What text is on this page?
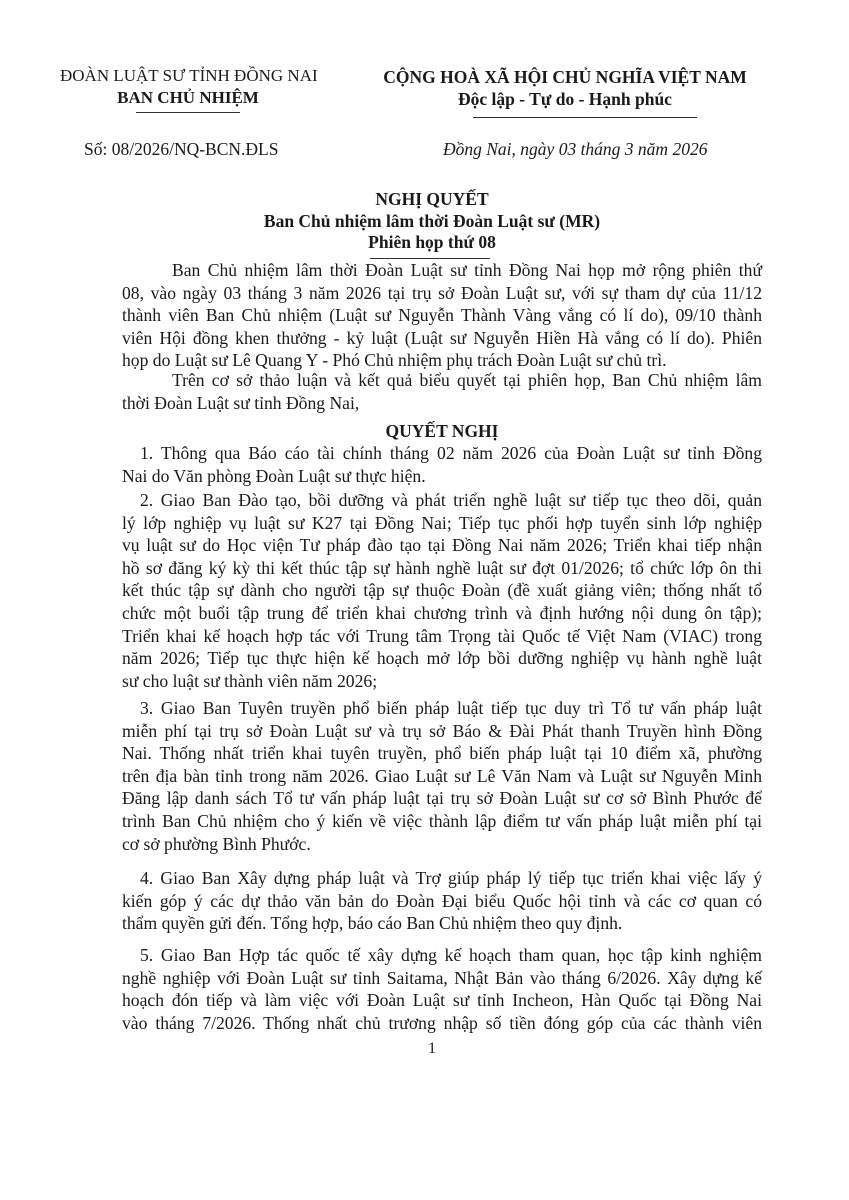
ĐOÀN LUẬT SƯ TỈNH ĐỒNG NAI
BAN CHỦ NHIỆM
CỘNG HOÀ XÃ HỘI CHỦ NGHĨA VIỆT NAM
Độc lập - Tự do - Hạnh phúc
Số: 08/2026/NQ-BCN.ĐLS	Đồng Nai, ngày 03 tháng 3 năm 2026
NGHỊ QUYẾT
Ban Chủ nhiệm lâm thời Đoàn Luật sư (MR)
Phiên họp thứ 08
QUYẾT NGHỊ
Ban Chủ nhiệm lâm thời Đoàn Luật sư tỉnh Đồng Nai họp mở rộng phiên thứ
08, vào ngày 03 tháng 3 năm 2026 tại trụ sở Đoàn Luật sư, với sự tham dự của 11/12
thành viên Ban Chủ nhiệm (Luật sư Nguyễn Thành Vàng vắng có lí do), 09/10 thành
viên Hội đồng khen thưởng - kỷ luật (Luật sư Nguyễn Hiền Hà vắng có lí do). Phiên
họp do Luật sư Lê Quang Y - Phó Chủ nhiệm phụ trách Đoàn Luật sư chủ trì.
Trên cơ sở thảo luận và kết quả biểu quyết tại phiên họp, Ban Chủ nhiệm lâm
thời Đoàn Luật sư tỉnh Đồng Nai,
1. Thông qua Báo cáo tài chính tháng 02 năm 2026 của Đoàn Luật sư tỉnh Đồng
Nai do Văn phòng Đoàn Luật sư thực hiện.
2. Giao Ban Đào tạo, bồi dưỡng và phát triển nghề luật sư tiếp tục theo dõi, quản
lý lớp nghiệp vụ luật sư K27 tại Đồng Nai; Tiếp tục phối hợp tuyển sinh lớp nghiệp
vụ luật sư do Học viện Tư pháp đào tạo tại Đồng Nai năm 2026; Triển khai tiếp nhận
hồ sơ đăng ký kỳ thi kết thúc tập sự hành nghề luật sư đợt 01/2026; tổ chức lớp ôn thi
kết thúc tập sự dành cho người tập sự thuộc Đoàn (đề xuất giảng viên; thống nhất tổ
chức một buổi tập trung để triển khai chương trình và định hướng nội dung ôn tập);
Triển khai kế hoạch hợp tác với Trung tâm Trọng tài Quốc tế Việt Nam (VIAC) trong
năm 2026; Tiếp tục thực hiện kế hoạch mở lớp bồi dưỡng nghiệp vụ hành nghề luật
sư cho luật sư thành viên năm 2026;
3. Giao Ban Tuyên truyền phổ biến pháp luật tiếp tục duy trì Tổ tư vấn pháp luật
miễn phí tại trụ sở Đoàn Luật sư và trụ sở Báo & Đài Phát thanh Truyền hình Đồng
Nai. Thống nhất triển khai tuyên truyền, phổ biến pháp luật tại 10 điểm xã, phường
trên địa bàn tỉnh trong năm 2026. Giao Luật sư Lê Văn Nam và Luật sư Nguyễn Minh
Đăng lập danh sách Tổ tư vấn pháp luật tại trụ sở Đoàn Luật sư cơ sở Bình Phước để
trình Ban Chủ nhiệm cho ý kiến về việc thành lập điểm tư vấn pháp luật miễn phí tại
cơ sở phường Bình Phước.
4. Giao Ban Xây dựng pháp luật và Trợ giúp pháp lý tiếp tục triển khai việc lấy ý
kiến góp ý các dự thảo văn bản do Đoàn Đại biểu Quốc hội tỉnh và các cơ quan có
thẩm quyền gửi đến. Tổng hợp, báo cáo Ban Chủ nhiệm theo quy định.
5. Giao Ban Hợp tác quốc tế xây dựng kế hoạch tham quan, học tập kinh nghiệm
nghề nghiệp với Đoàn Luật sư tỉnh Saitama, Nhật Bản vào tháng 6/2026. Xây dựng kế
hoạch đón tiếp và làm việc với Đoàn Luật sư tỉnh Incheon, Hàn Quốc tại Đồng Nai
vào tháng 7/2026. Thống nhất chủ trương nhập số tiền đóng góp của các thành viên
1
